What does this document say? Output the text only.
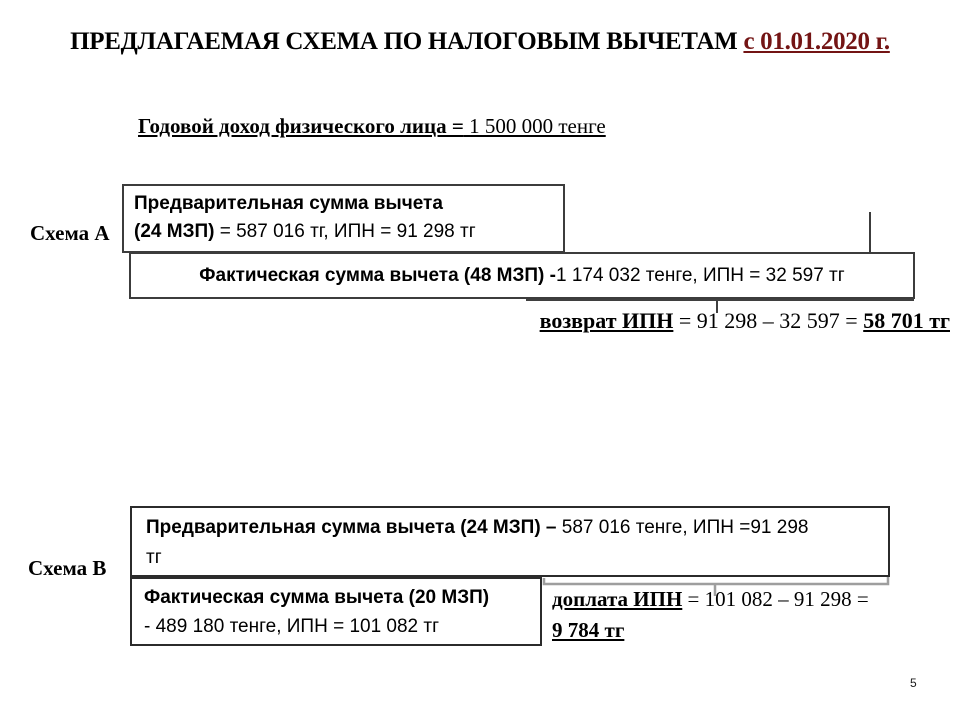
ПРЕДЛАГАЕМАЯ СХЕМА ПО НАЛОГОВЫМ ВЫЧЕТАМ с 01.01.2020 г.
Годовой доход физического лица = 1 500 000 тенге
Схема А
Предварительная сумма вычета
(24 МЗП) = 587 016 тг, ИПН = 91 298 тг
Фактическая сумма вычета (48 МЗП) - 1 174 032 тенге, ИПН = 32 597 тг
возврат ИПН = 91 298 – 32 597 = 58 701 тг
Схема В
Предварительная сумма вычета (24 МЗП) – 587 016 тенге, ИПН =91 298
тг
Фактическая сумма вычета (20 МЗП)
- 489 180 тенге, ИПН = 101 082 тг
доплата ИПН = 101 082 – 91 298 =
9 784 тг
5
